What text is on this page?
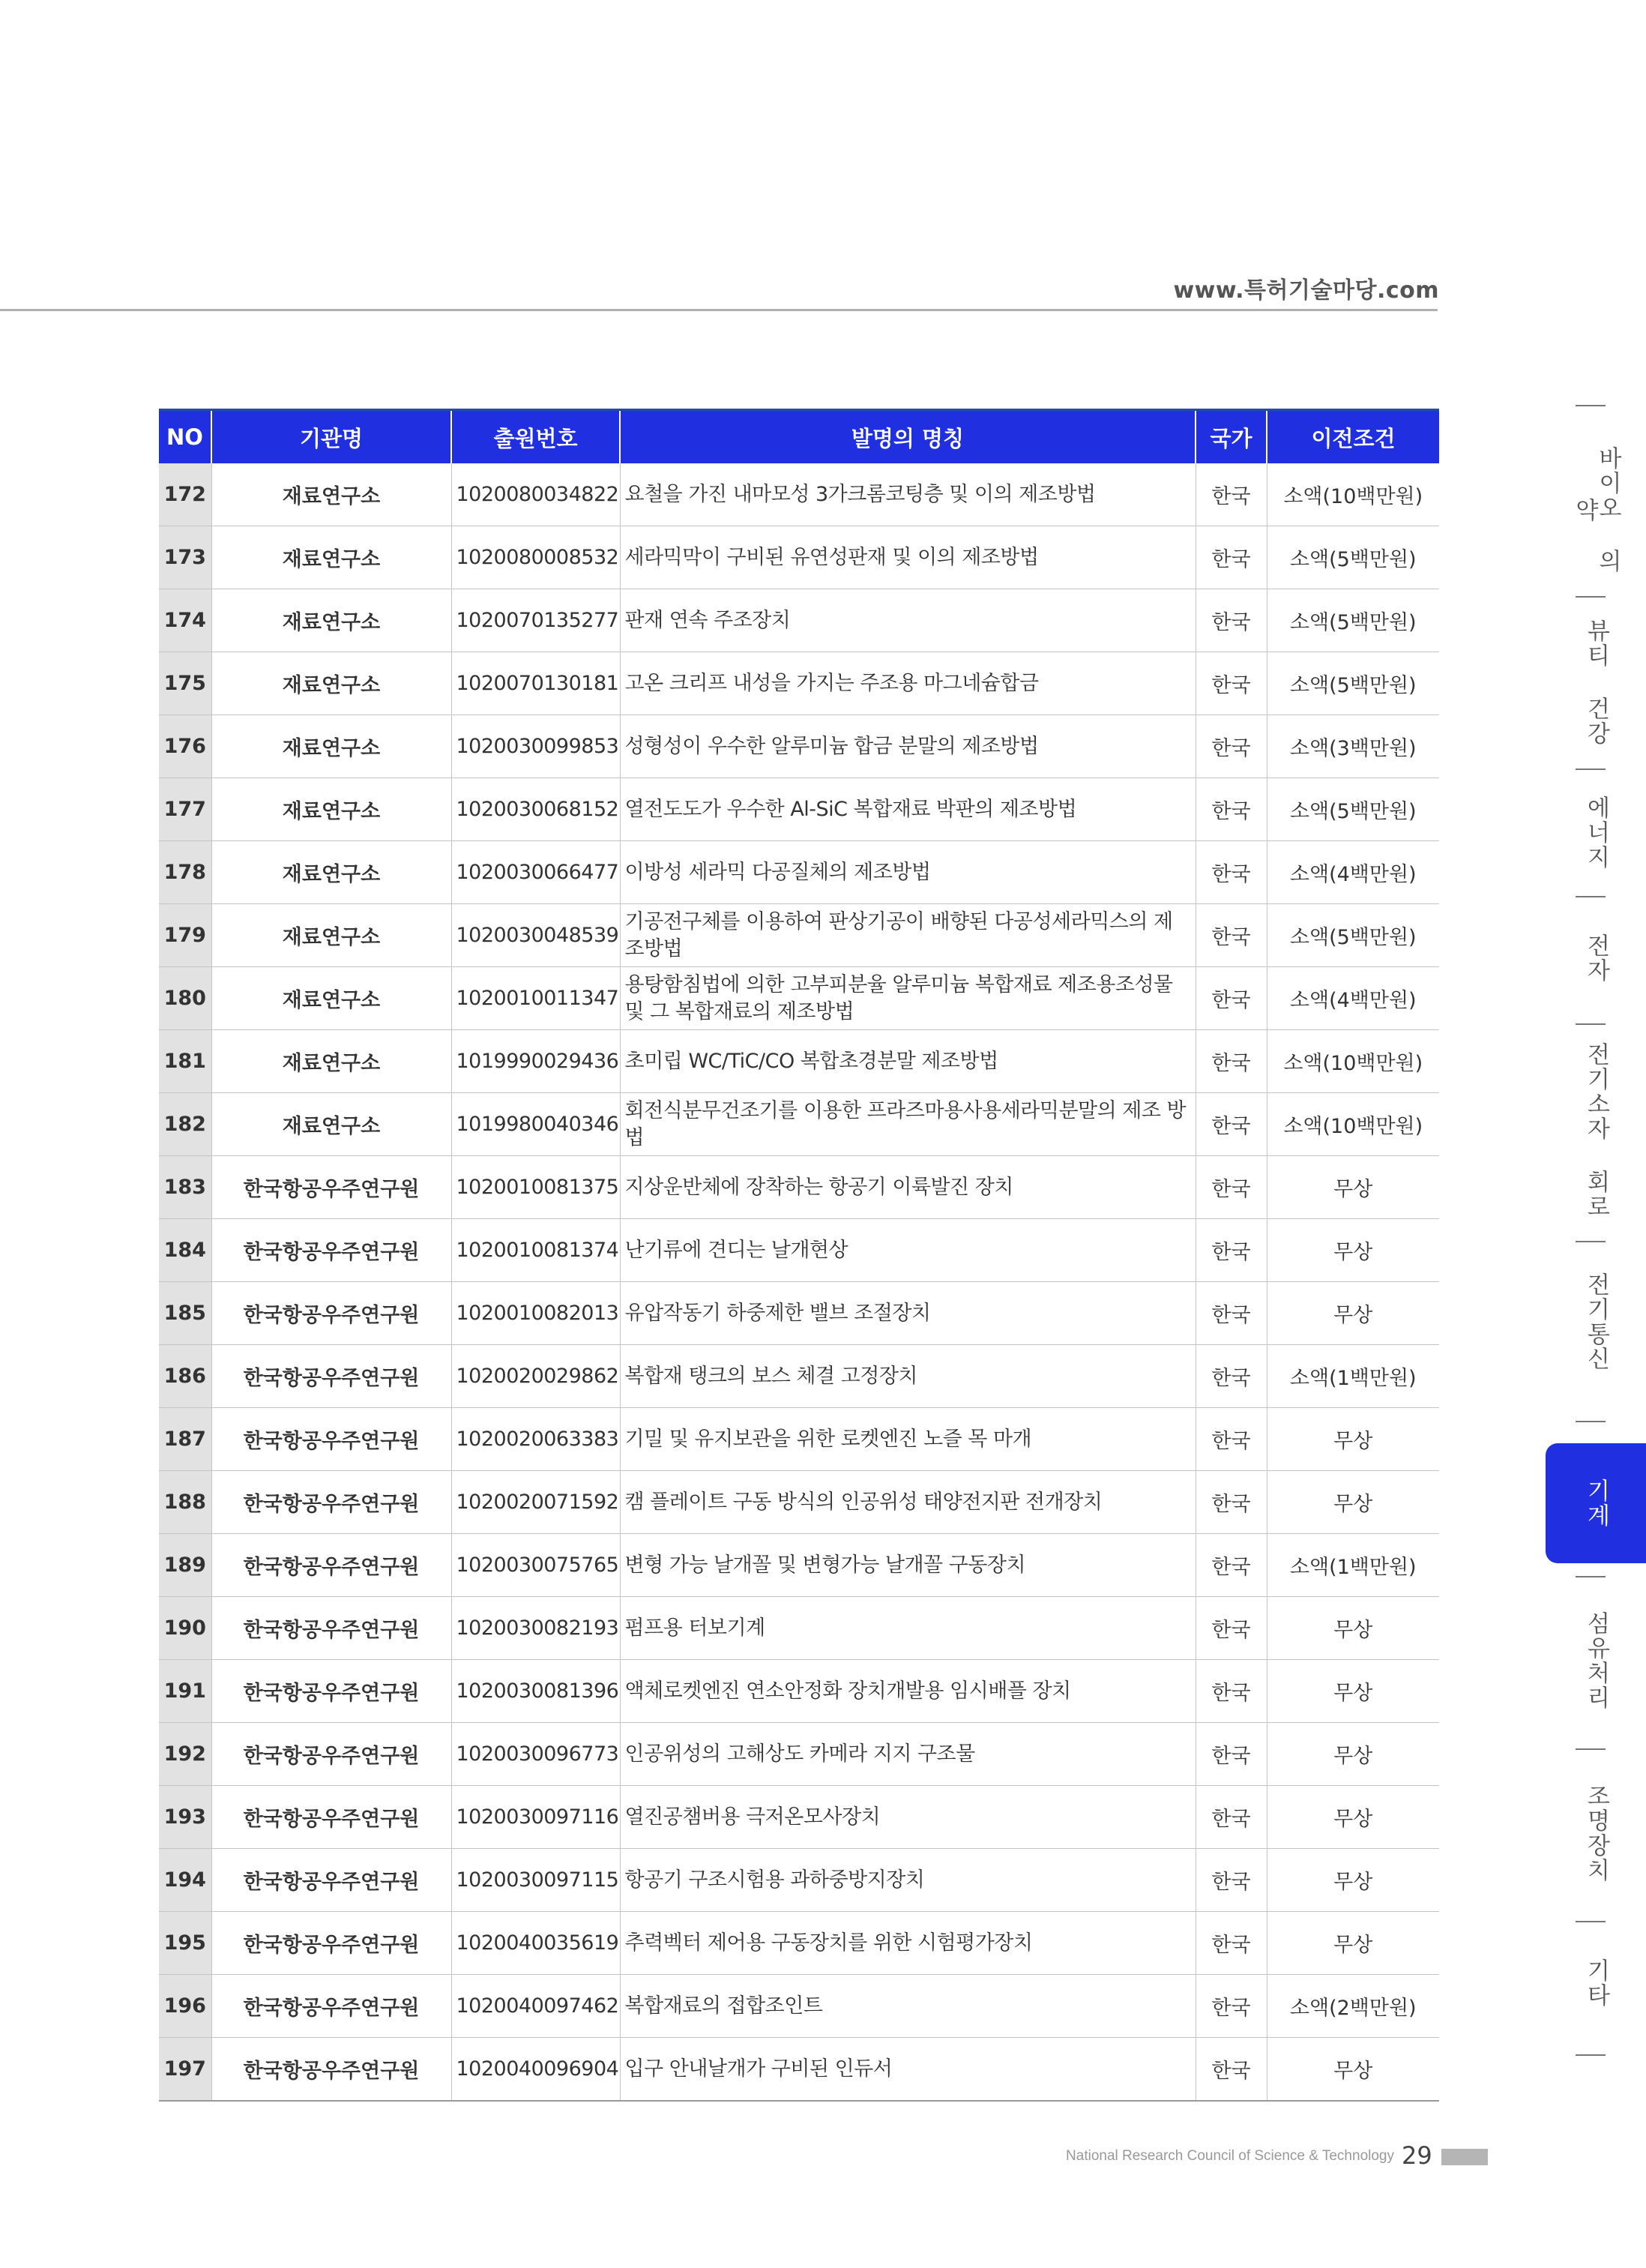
www.특허기술마당.com
NO	기관명	출원번호	발명의 명칭	국가	이전조건
172	재료연구소	1020080034822	요철을 가진 내마모성 3가크롬코팅층 및 이의 제조방법	한국	소액(10백만원)
173	재료연구소	1020080008532	세라믹막이 구비된 유연성판재 및 이의 제조방법	한국	소액(5백만원)
174	재료연구소	1020070135277	판재 연속 주조장치	한국	소액(5백만원)
175	재료연구소	1020070130181	고온 크리프 내성을 가지는 주조용 마그네슘합금	한국	소액(5백만원)
176	재료연구소	1020030099853	성형성이 우수한 알루미늄 합금 분말의 제조방법	한국	소액(3백만원)
177	재료연구소	1020030068152	열전도도가 우수한 Al-SiC 복합재료 박판의 제조방법	한국	소액(5백만원)
178	재료연구소	1020030066477	이방성 세라믹 다공질체의 제조방법	한국	소액(4백만원)
179	재료연구소	1020030048539	기공전구체를 이용하여 판상기공이 배향된 다공성세라믹스의 제조방법	한국	소액(5백만원)
180	재료연구소	1020010011347	용탕함침법에 의한 고부피분율 알루미늄 복합재료 제조용조성물 및 그 복합재료의 제조방법	한국	소액(4백만원)
181	재료연구소	1019990029436	초미립 WC/TiC/CO 복합초경분말 제조방법	한국	소액(10백만원)
182	재료연구소	1019980040346	회전식분무건조기를 이용한 프라즈마용사용세라믹분말의 제조 방법	한국	소액(10백만원)
183	한국항공우주연구원	1020010081375	지상운반체에 장착하는 항공기 이륙발진 장치	한국	무상
184	한국항공우주연구원	1020010081374	난기류에 견디는 날개현상	한국	무상
185	한국항공우주연구원	1020010082013	유압작동기 하중제한 밸브 조절장치	한국	무상
186	한국항공우주연구원	1020020029862	복합재 탱크의 보스 체결 고정장치	한국	소액(1백만원)
187	한국항공우주연구원	1020020063383	기밀 및 유지보관을 위한 로켓엔진 노즐 목 마개	한국	무상
188	한국항공우주연구원	1020020071592	캠 플레이트 구동 방식의 인공위성 태양전지판 전개장치	한국	무상
189	한국항공우주연구원	1020030075765	변형 가능 날개꼴 및 변형가능 날개꼴 구동장치	한국	소액(1백만원)
190	한국항공우주연구원	1020030082193	펌프용 터보기계	한국	무상
191	한국항공우주연구원	1020030081396	액체로켓엔진 연소안정화 장치개발용 임시배플 장치	한국	무상
192	한국항공우주연구원	1020030096773	인공위성의 고해상도 카메라 지지 구조물	한국	무상
193	한국항공우주연구원	1020030097116	열진공챔버용 극저온모사장치	한국	무상
194	한국항공우주연구원	1020030097115	항공기 구조시험용 과하중방지장치	한국	무상
195	한국항공우주연구원	1020040035619	추력벡터 제어용 구동장치를 위한 시험평가장치	한국	무상
196	한국항공우주연구원	1020040097462	복합재료의 접합조인트	한국	소액(2백만원)
197	한국항공우주연구원	1020040096904	입구 안내날개가 구비된 인듀서	한국	무상
바이오 의약
뷰티 건강
에너지
전자
전기소자 회로
전기통신
기계
섬유처리
조명장치
기타
National Research Council of Science & Technology 29
